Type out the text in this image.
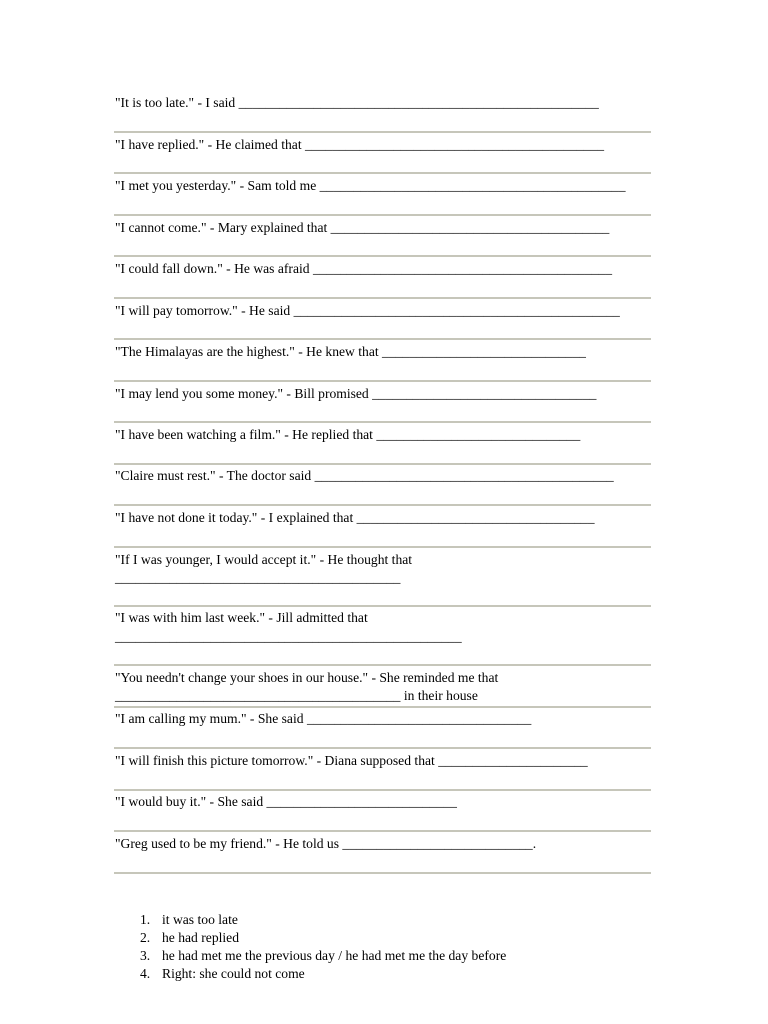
"It is too late." - I said _____________________________________________________
"I have replied." - He claimed that ____________________________________________
"I met you yesterday." - Sam told me _____________________________________________
"I cannot come." - Mary explained that _________________________________________
"I could fall down." - He was afraid ____________________________________________
"I will pay tomorrow." - He said ________________________________________________
"The Himalayas are the highest." - He knew that ______________________________
"I may lend you some money." - Bill promised _________________________________
"I have been watching a film." - He replied that ______________________________
"Claire must rest." - The doctor said ____________________________________________
"I have not done it today." - I explained that ___________________________________
"If I was younger, I would accept it." - He thought that
__________________________________________
"I was with him last week." - Jill admitted that
___________________________________________________
"You needn't change your shoes in our house." - She reminded me that
__________________________________________ in their house
"I am calling my mum." - She said _________________________________
"I will finish this picture tomorrow." - Diana supposed that ______________________
"I would buy it." - She said ____________________________
"Greg used to be my friend." - He told us ____________________________.
1. it was too late
2. he had replied
3. he had met me the previous day / he had met me the day before
4. Right: she could not come
